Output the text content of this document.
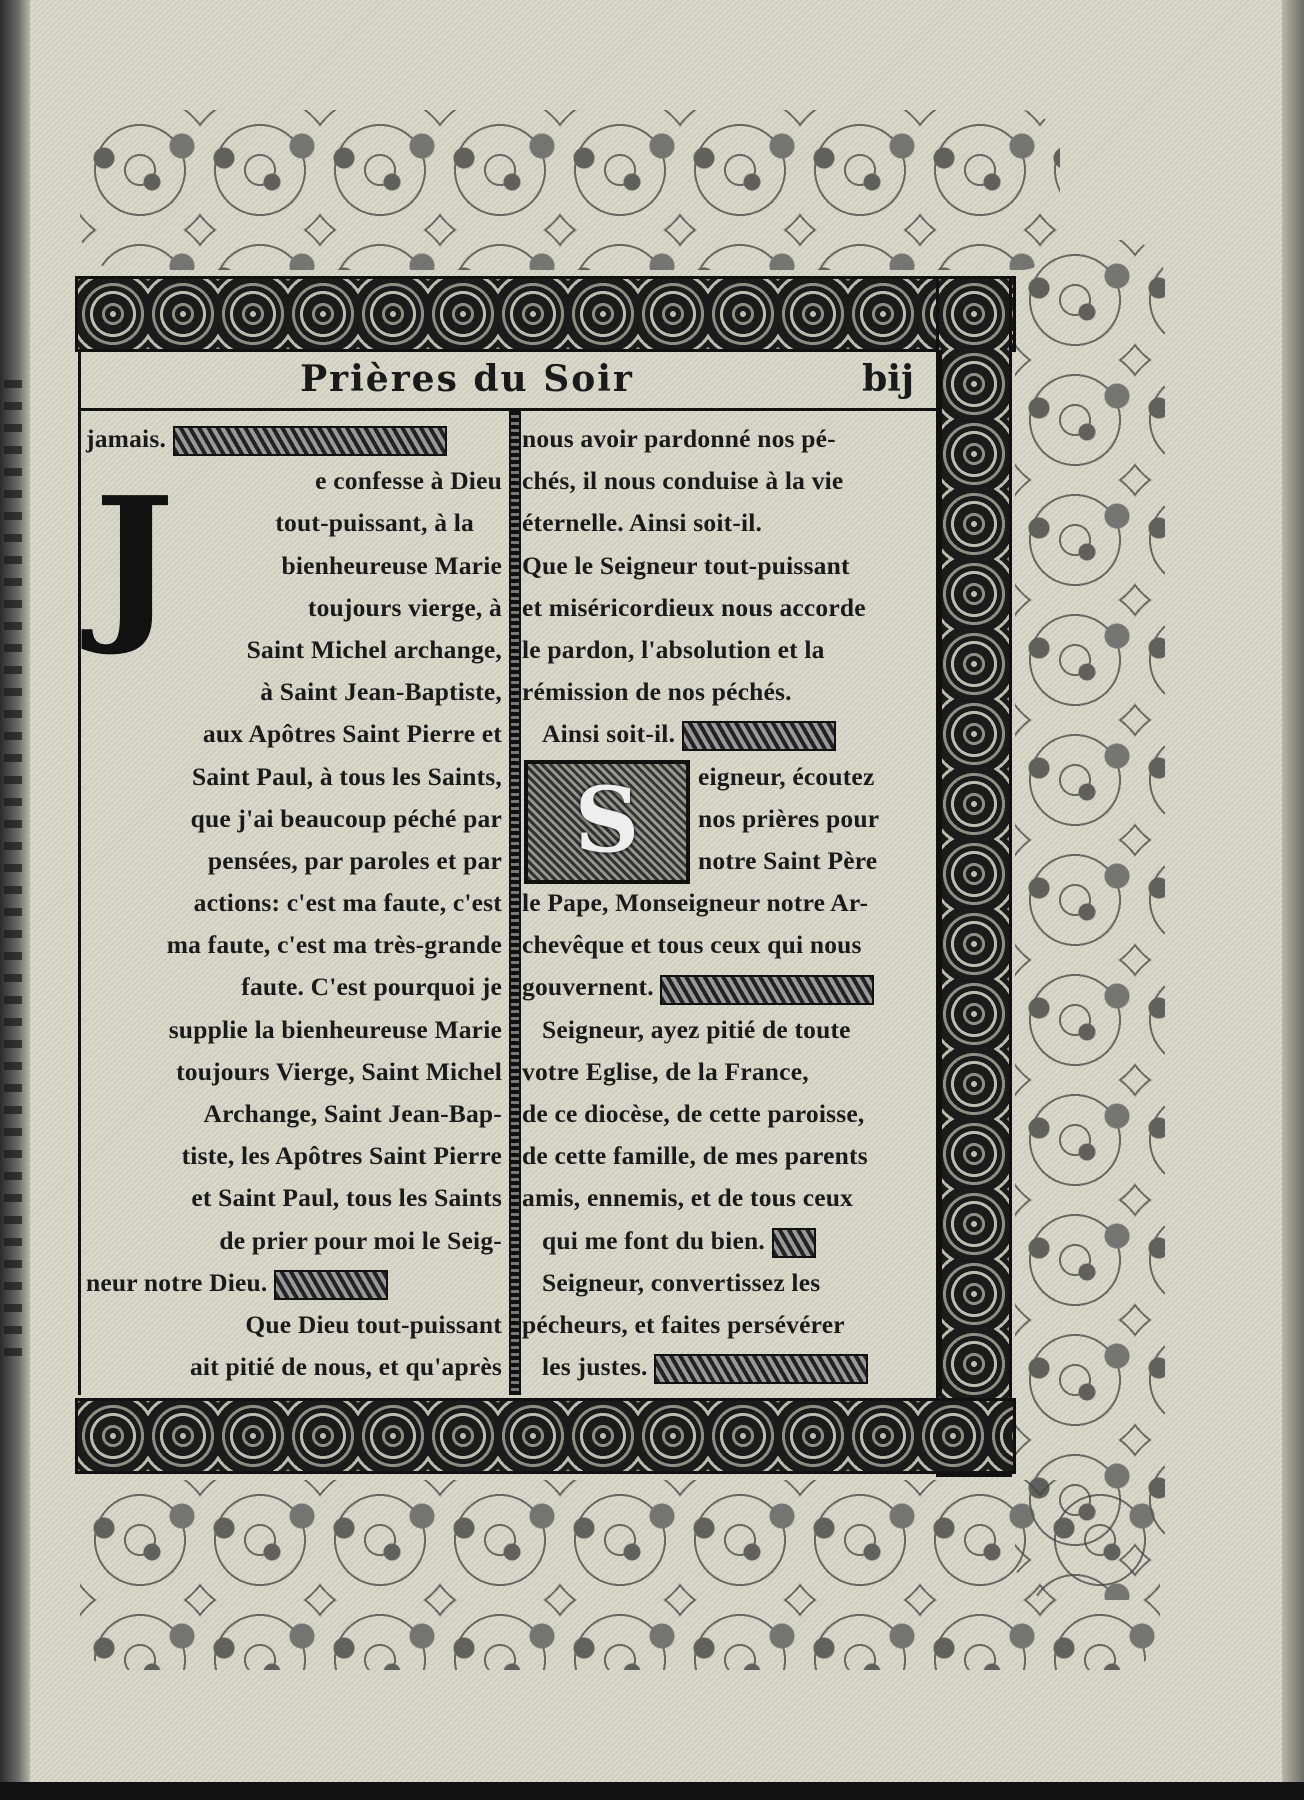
Prières du Soir	bij
J
jamais.
e confesse à Dieu
tout-puissant, à la
bienheureuse Marie
toujours vierge, à
Saint Michel archange,
à Saint Jean-Baptiste,
aux Apôtres Saint Pierre et
Saint Paul, à tous les Saints,
que j'ai beaucoup péché par
pensées, par paroles et par
actions: c'est ma faute, c'est
ma faute, c'est ma très-grande
faute. C'est pourquoi je
supplie la bienheureuse Marie
toujours Vierge, Saint Michel
Archange, Saint Jean-Bap-
tiste, les Apôtres Saint Pierre
et Saint Paul, tous les Saints
de prier pour moi le Seig-
neur notre Dieu.
Que Dieu tout-puissant
ait pitié de nous, et qu'après
S
nous avoir pardonné nos pé-
chés, il nous conduise à la vie
éternelle. Ainsi soit-il.
Que le Seigneur tout-puissant
et miséricordieux nous accorde
le pardon, l'absolution et la
rémission de nos péchés.
Ainsi soit-il.
eigneur, écoutez
nos prières pour
notre Saint Père
le Pape, Monseigneur notre Ar-
chevêque et tous ceux qui nous
gouvernent.
Seigneur, ayez pitié de toute
votre Eglise, de la France,
de ce diocèse, de cette paroisse,
de cette famille, de mes parents
amis, ennemis, et de tous ceux
qui me font du bien.
Seigneur, convertissez les
pécheurs, et faites persévérer
les justes.
